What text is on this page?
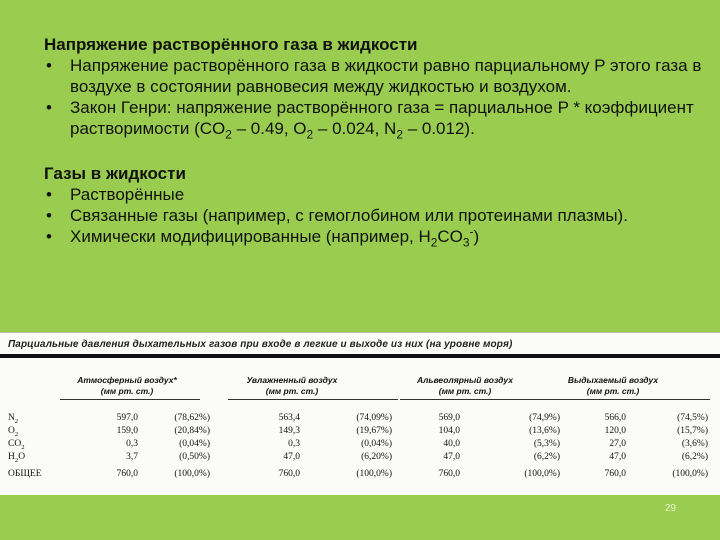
Напряжение растворённого газа в жидкости

• Напряжение растворённого газа в жидкости равно парциальному P этого газа в воздухе в состоянии равновесия между жидкостью и воздухом.
• Закон Генри: напряжение растворённого газа = парциальное P * коэффициент растворимости ($CO_2 - 0.49$, $O_2 - 0.024$, $N_2 - 0.012$).

Газы в жидкости

• Растворённые
• Связанные газы (например, с гемоглобином или протеинами плазмы).
• Химически модифицированные (например, $H_2CO_3^-$)
Парциальные давления дыхательных газов при входе в легкие и выходе из них (на уровне моря)
Атмосферный воздух*
(мм рт. ст.)
Увлажненный воздух
(мм рт. ст.)
Альвеолярный воздух
(мм рт. ст.)
Выдыхаемый воздух
(мм рт. ст.)
$N_2$	597,0	(78,62%)	563,4	(74,09%)	569,0	(74,9%)	566,0	(74,5%)
$O_2$	159,0	(20,84%)	149,3	(19,67%)	104,0	(13,6%)	120,0	(15,7%)
$CO_2$	0,3	(0,04%)	0,3	(0,04%)	40,0	(5,3%)	27,0	(3,6%)
$H_2O$	3,7	(0,50%)	47,0	(6,20%)	47,0	(6,2%)	47,0	(6,2%)
ОБЩЕЕ	760,0	(100,0%)	760,0	(100,0%)	760,0	(100,0%)	760,0	(100,0%)
29
